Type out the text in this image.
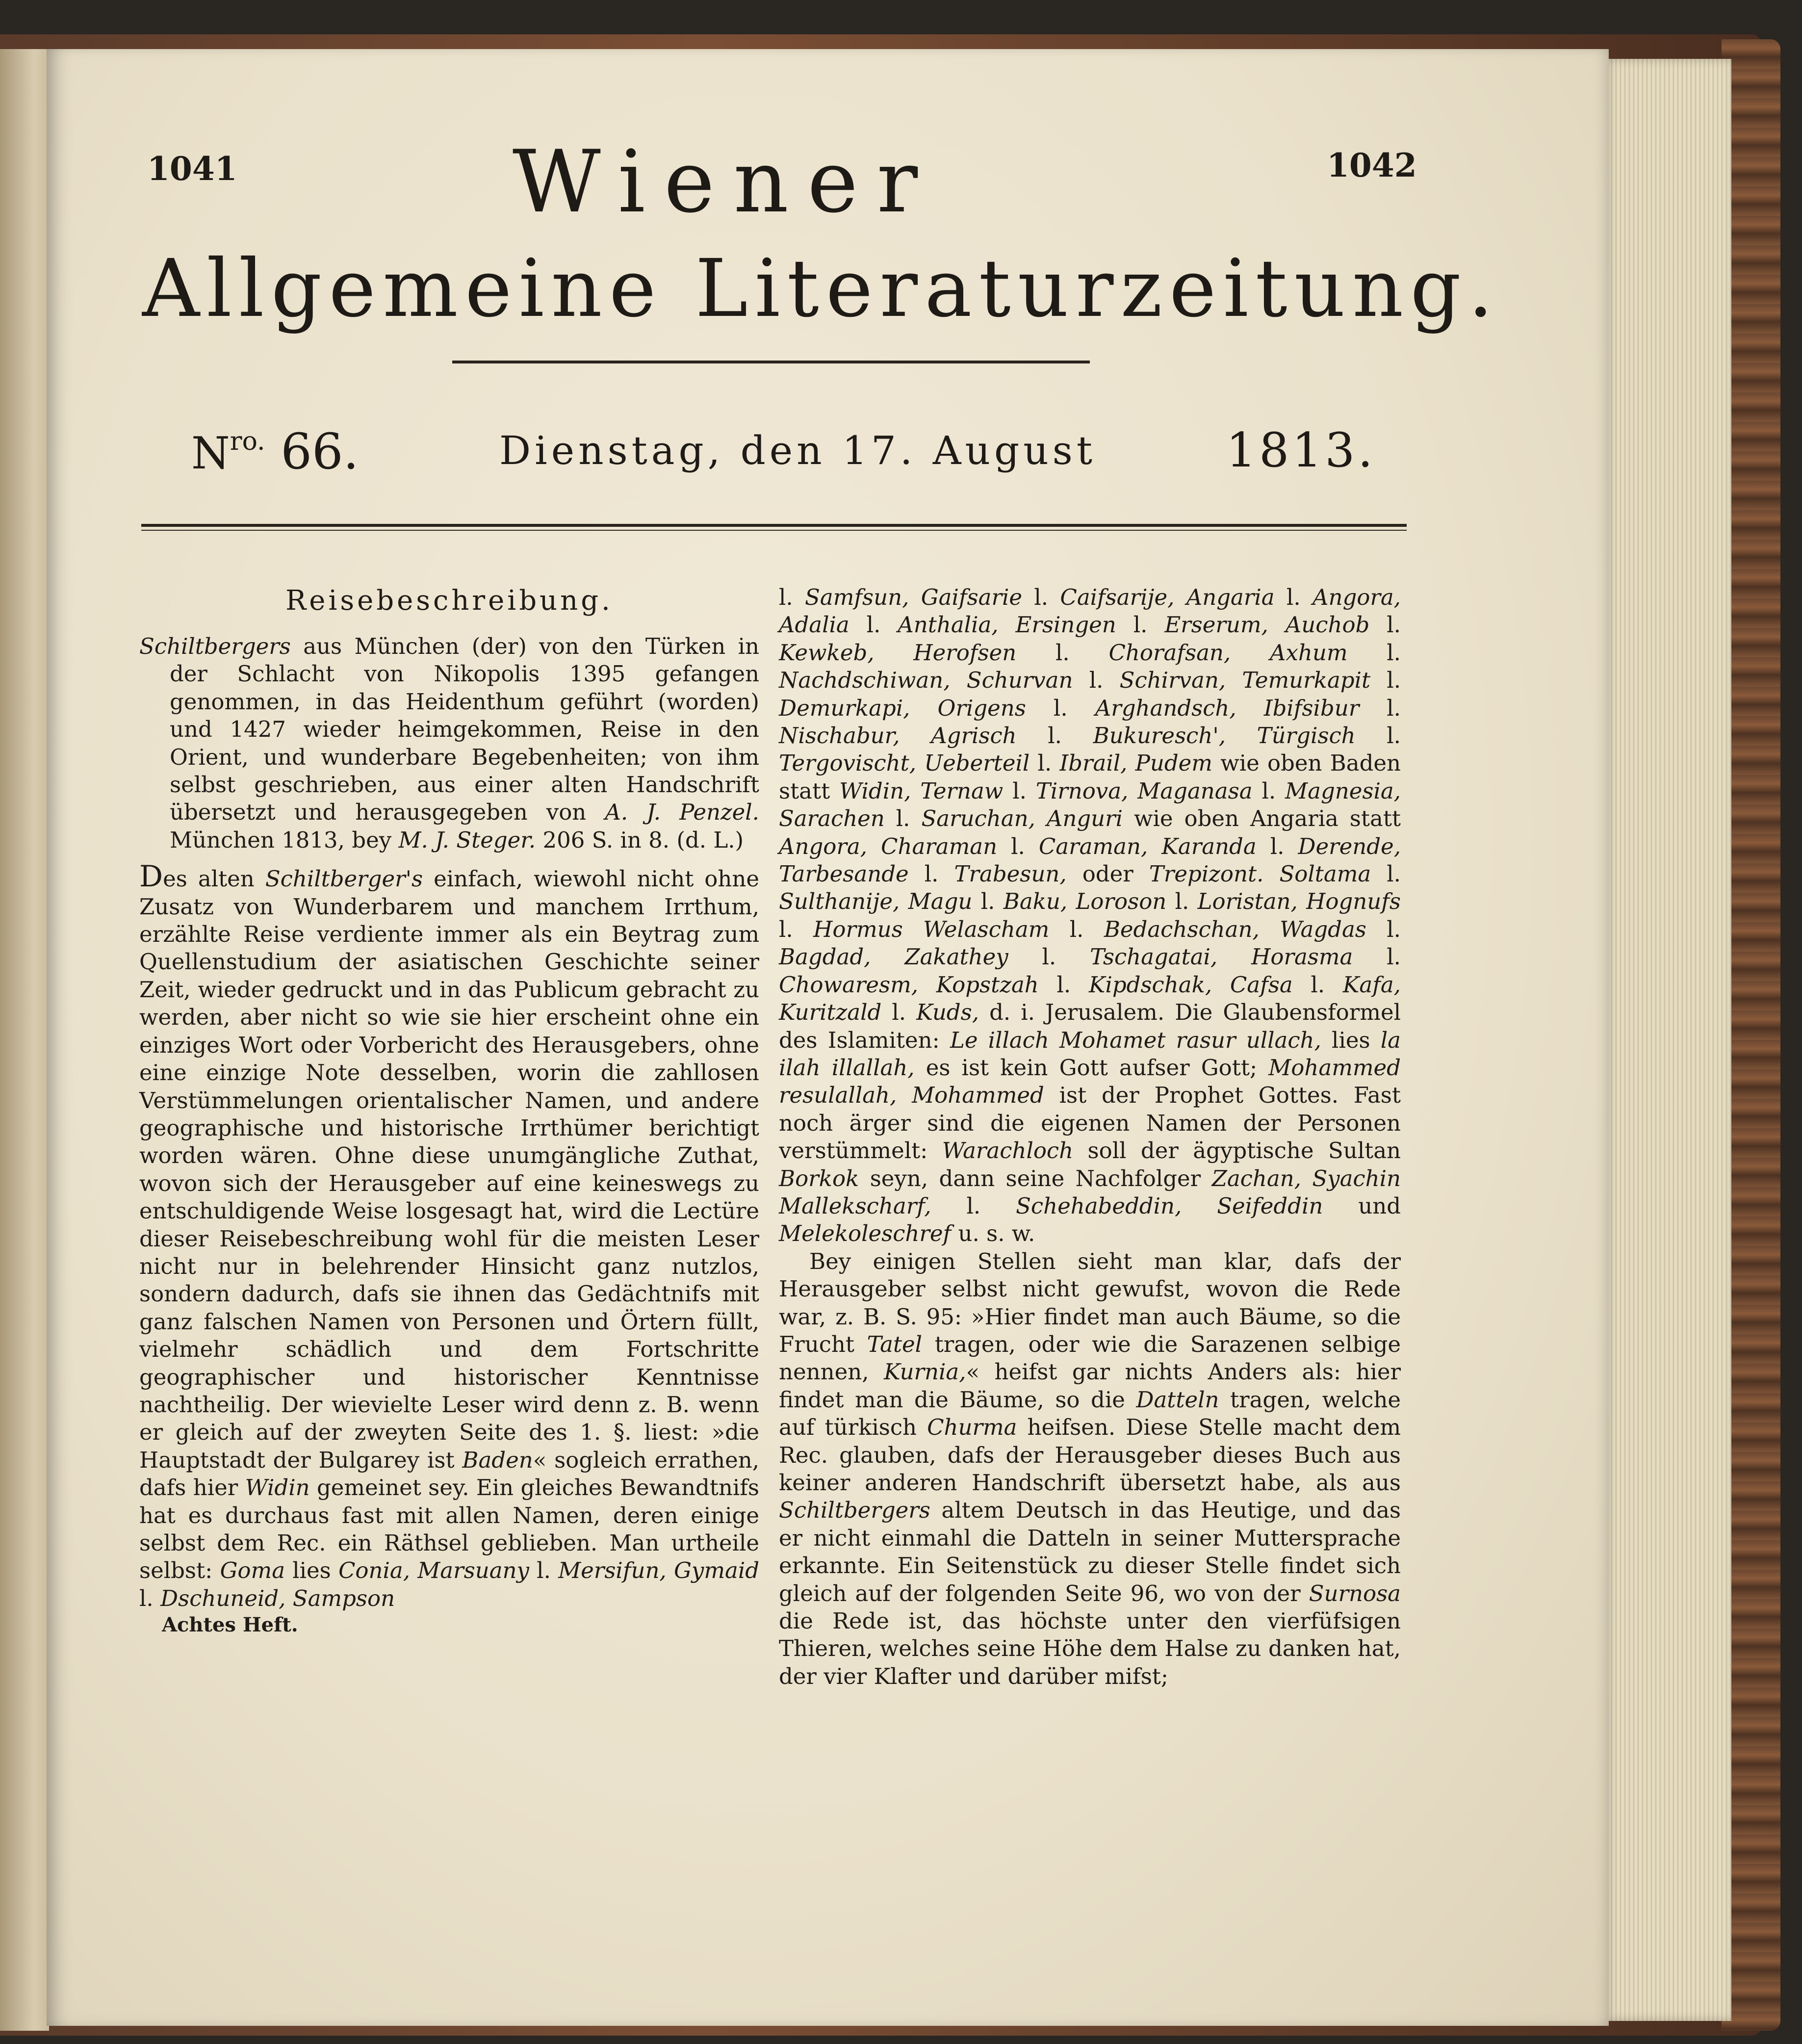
1041	1042
Wiener
Allgemeine Literaturzeitung.
$N^{ro.}$ 66.	Dienstag, den 17. August	1813.

Reisebeschreibung.

Schiltbergers aus München (der) von den Türken in der Schlacht von Nikopolis 1395 gefangen genommen, in das Heidenthum geführt (worden) und 1427 wieder heimgekommen, Reise in den Orient, und wunderbare Begebenheiten; von ihm selbst geschrieben, aus einer alten Handschrift übersetzt und herausgegeben von A. J. Penzel. München 1813, bey M. J. Steger. 206 S. in 8. (d. L.)

Des alten Schiltberger's einfach, wiewohl nicht ohne Zusatz von Wunderbarem und manchem Irrthum, erzählte Reise verdiente immer als ein Beytrag zum Quellenstudium der asiatischen Geschichte seiner Zeit, wieder gedruckt und in das Publicum gebracht zu werden, aber nicht so wie sie hier erscheint ohne ein einziges Wort oder Vorbericht des Herausgebers, ohne eine einzige Note desselben, worin die zahllosen Verstümmelungen orientalischer Namen, und andere geographische und historische Irrthümer berichtigt worden wären. Ohne diese unumgängliche Zuthat, wovon sich der Herausgeber auf eine keineswegs zu entschuldigende Weise losgesagt hat, wird die Lectüre dieser Reisebeschreibung wohl für die meisten Leser nicht nur in belehrender Hinsicht ganz nutzlos, sondern dadurch, dafs sie ihnen das Gedächtnifs mit ganz falschen Namen von Personen und Örtern füllt, vielmehr schädlich und dem Fortschritte geographischer und historischer Kenntnisse nachtheilig. Der wievielte Leser wird denn z. B. wenn er gleich auf der zweyten Seite des 1. §. liest: »die Hauptstadt der Bulgarey ist Baden« sogleich errathen, dafs hier Widin gemeinet sey. Ein gleiches Bewandtnifs hat es durchaus fast mit allen Namen, deren einige selbst dem Rec. ein Räthsel geblieben. Man urtheile selbst: Goma lies Conia, Marsuany l. Mersifun, Gymaid l. Dschuneid, Sampson

Achtes Heft.

l. Samfsun, Gaifsarie l. Caifsarije, Angaria l. Angora, Adalia l. Anthalia, Ersingen l. Erserum, Auchob l. Kewkeb, Herofsen l. Chorafsan, Axhum l. Nachdschiwan, Schurvan l. Schirvan, Temurkapit l. Demurkapi, Origens l. Arghandsch, Ibifsibur l. Nischabur, Agrisch l. Bukuresch', Türgisch l. Tergovischt, Ueberteil l. Ibrail, Pudem wie oben Baden statt Widin, Ternaw l. Tirnova, Maganasa l. Magnesia, Sarachen l. Saruchan, Anguri wie oben Angaria statt Angora, Charaman l. Caraman, Karanda l. Derende, Tarbesande l. Trabesun, oder Trepizont. Soltama l. Sulthanije, Magu l. Baku, Loroson l. Loristan, Hognufs l. Hormus Welascham l. Bedachschan, Wagdas l. Bagdad, Zakathey l. Tschagatai, Horasma l. Chowaresm, Kopstzah l. Kipdschak, Cafsa l. Kafa, Kuritzald l. Kuds, d. i. Jerusalem. Die Glaubensformel des Islamiten: Le illach Mohamet rasur ullach, lies la ilah illallah, es ist kein Gott aufser Gott; Mohammed resulallah, Mohammed ist der Prophet Gottes. Fast noch ärger sind die eigenen Namen der Personen verstümmelt: Warachloch soll der ägyptische Sultan Borkok seyn, dann seine Nachfolger Zachan, Syachin Mallekscharf, l. Schehabeddin, Seifeddin und Melekoleschref u. s. w.

Bey einigen Stellen sieht man klar, dafs der Herausgeber selbst nicht gewufst, wovon die Rede war, z. B. S. 95: »Hier findet man auch Bäume, so die Frucht Tatel tragen, oder wie die Sarazenen selbige nennen, Kurnia,« heifst gar nichts Anders als: hier findet man die Bäume, so die Datteln tragen, welche auf türkisch Churma heifsen. Diese Stelle macht dem Rec. glauben, dafs der Herausgeber dieses Buch aus keiner anderen Handschrift übersetzt habe, als aus Schiltbergers altem Deutsch in das Heutige, und das er nicht einmahl die Datteln in seiner Muttersprache erkannte. Ein Seitenstück zu dieser Stelle findet sich gleich auf der folgenden Seite 96, wo von der Surnosa die Rede ist, das höchste unter den vierfüfsigen Thieren, welches seine Höhe dem Halse zu danken hat, der vier Klafter und darüber mifst;
